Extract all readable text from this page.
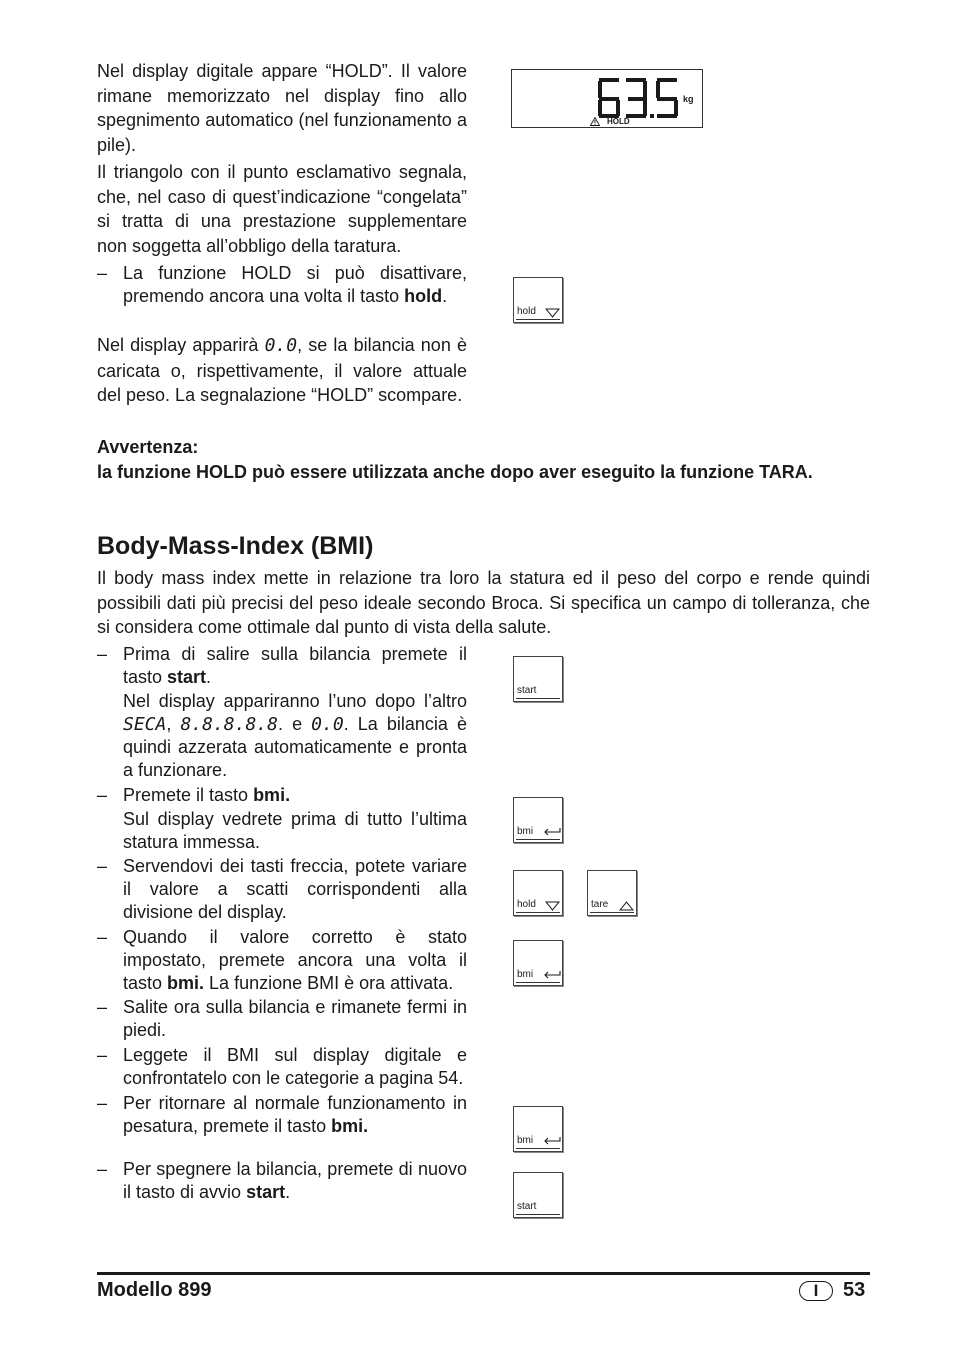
Nel display digitale appare “HOLD”. Il valore rimane memorizzato nel display fino allo spegnimento automatico (nel funzionamento a pile).

Il triangolo con il punto esclamativo segnala, che, nel caso di quest’indicazione “congelata” si tratta di una prestazione supplementare non soggetta all’obbligo della taratura.

– La funzione HOLD si può disattivare, premendo ancora una volta il tasto hold.

Nel display apparirà 0.0, se la bilancia non è caricata o, rispettivamente, il valore attuale del peso. La segnalazione “HOLD” scompare.

Avvertenza:
la funzione HOLD può essere utilizzata anche dopo aver eseguito la funzione TARA.
kg
HOLD
hold
Body-Mass-Index (BMI)

Il body mass index mette in relazione tra loro la statura ed il peso del corpo e rende quindi possibili dati più precisi del peso ideale secondo Broca. Si specifica un campo di tolleranza, che si considera come ottimale dal punto di vista della salute.

– Prima di salire sulla bilancia premete il tasto start.
Nel display appariranno l’uno dopo l’altro SECA, 8.8.8.8.8. e 0.0. La bilancia è quindi azzerata automaticamente e pronta a funzionare.
– Premete il tasto bmi.
Sul display vedrete prima di tutto l’ultima statura immessa.
– Servendovi dei tasti freccia, potete variare il valore a scatti corrispondenti alla divisione del display.
– Quando il valore corretto è stato impostato, premete ancora una volta il tasto bmi. La funzione BMI è ora attivata.
– Salite ora sulla bilancia e rimanete fermi in piedi.
– Leggete il BMI sul display digitale e confrontatelo con le categorie a pagina 54.
– Per ritornare al normale funzionamento in pesatura, premete il tasto bmi.
– Per spegnere la bilancia, premete di nuovo il tasto di avvio start.
start
bmi
hold	tare
bmi
bmi
start
Modello 899	I	53
